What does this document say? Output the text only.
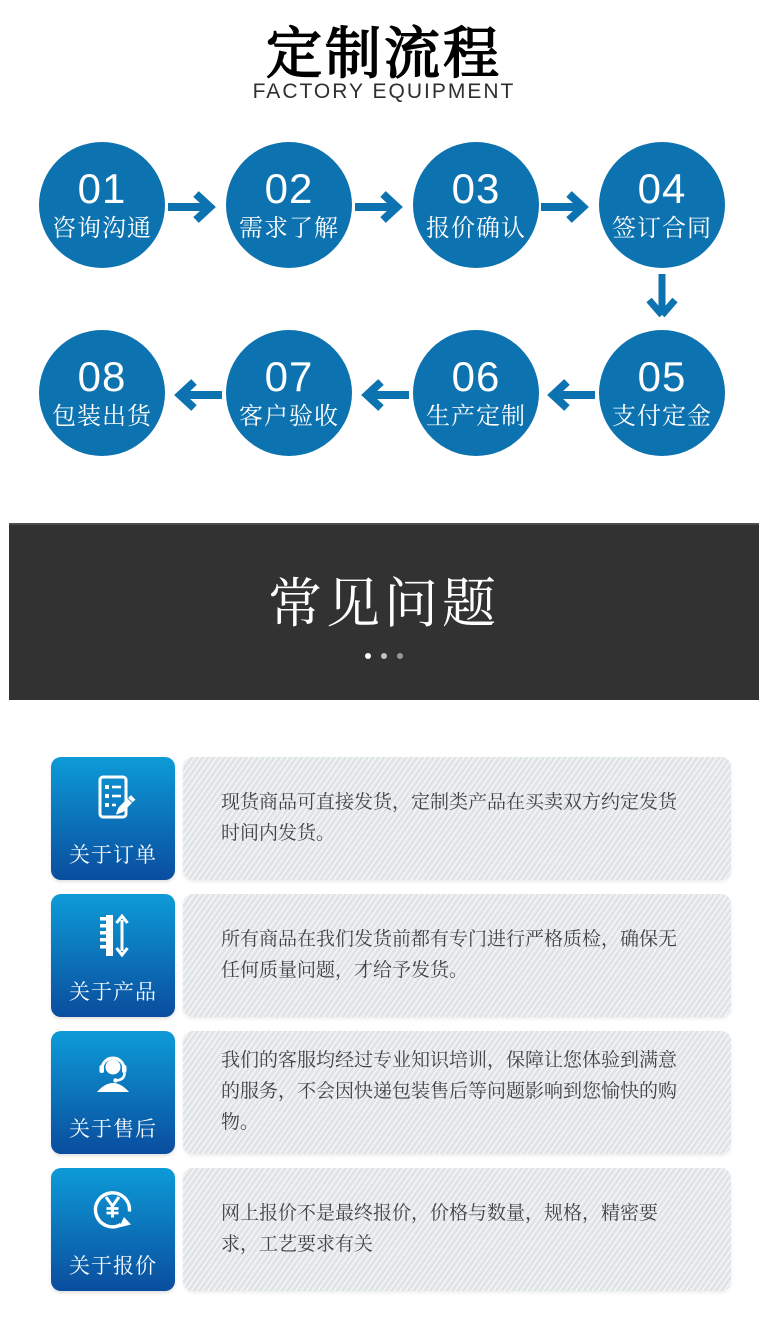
定制流程
FACTORY EQUIPMENT
01
咨询沟通
02
需求了解
03
报价确认
04
签订合同
08
包装出货
07
客户验收
06
生产定制
05
支付定金
常见问题
关于订单

现货商品可直接发货，定制类产品在买卖双方约定发货时间内发货。

关于产品

所有商品在我们发货前都有专门进行严格质检，确保无任何质量问题，才给予发货。

关于售后

我们的客服均经过专业知识培训，保障让您体验到满意的服务，不会因快递包装售后等问题影响到您愉快的购物。

关于报价

网上报价不是最终报价，价格与数量，规格，精密要求，工艺要求有关
